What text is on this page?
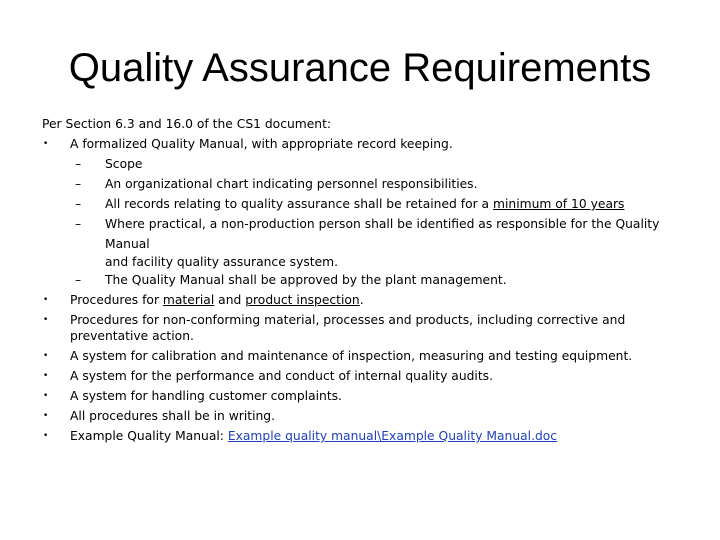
Quality Assurance Requirements

Per Section 6.3 and 16.0 of the CS1 document:

• A formalized Quality Manual, with appropriate record keeping.
– Scope
– An organizational chart indicating personnel responsibilities.
– All records relating to quality assurance shall be retained for a minimum of 10 years
– Where practical, a non-production person shall be identified as responsible for the Quality Manual
and facility quality assurance system.
– The Quality Manual shall be approved by the plant management.
• Procedures for material and product inspection.
• Procedures for non-conforming material, processes and products, including corrective and preventative action.
• A system for calibration and maintenance of inspection, measuring and testing equipment.
• A system for the performance and conduct of internal quality audits.
• A system for handling customer complaints.
• All procedures shall be in writing.
• Example Quality Manual: Example quality manual\Example Quality Manual.doc
